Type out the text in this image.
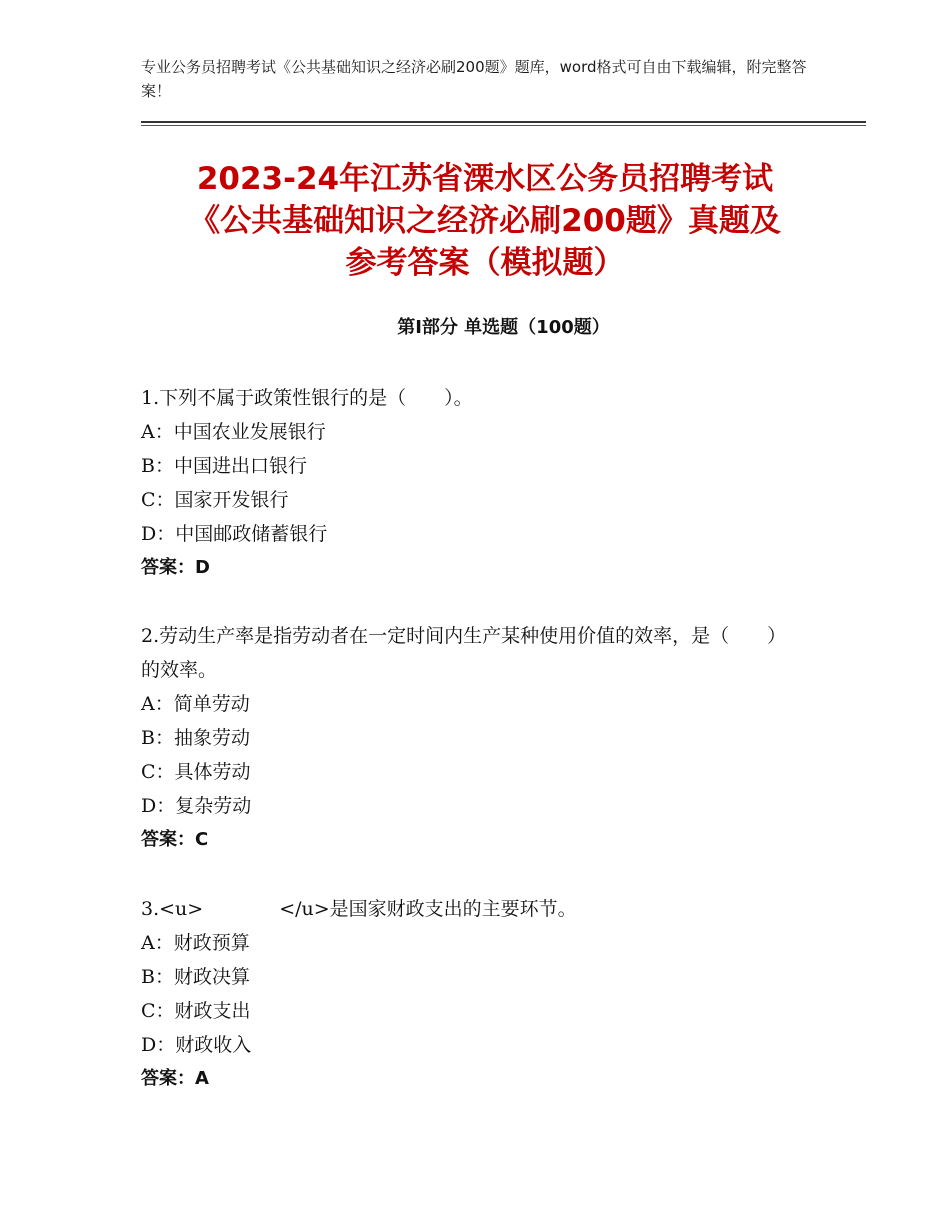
专业公务员招聘考试《公共基础知识之经济必刷200题》题库，word格式可自由下载编辑，附完整答案！
2023-24年江苏省溧水区公务员招聘考试
《公共基础知识之经济必刷200题》真题及
参考答案（模拟题）
第Ⅰ部分 单选题（100题）

1.下列不属于政策性银行的是（　　）。

A：中国农业发展银行

B：中国进出口银行

C：国家开发银行

D：中国邮政储蓄银行

答案：D

2.劳动生产率是指劳动者在一定时间内生产某种使用价值的效率，是（　　）的效率。

A：简单劳动

B：抽象劳动

C：具体劳动

D：复杂劳动

答案：C

3.<u>　　　　</u>是国家财政支出的主要环节。

A：财政预算

B：财政决算

C：财政支出

D：财政收入

答案：A
